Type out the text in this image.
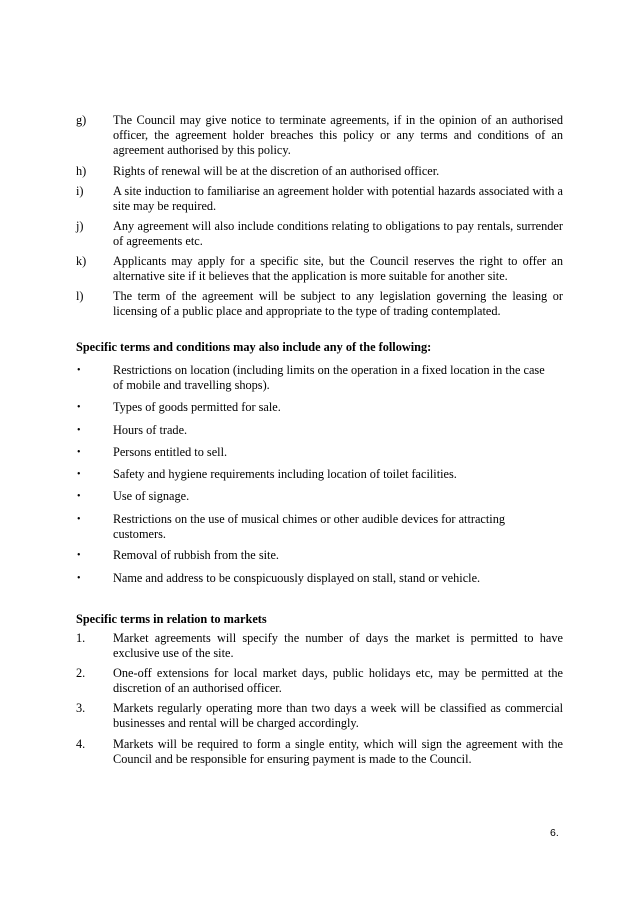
g) The Council may give notice to terminate agreements, if in the opinion of an authorised officer, the agreement holder breaches this policy or any terms and conditions of an agreement authorised by this policy.
h) Rights of renewal will be at the discretion of an authorised officer.
i) A site induction to familiarise an agreement holder with potential hazards associated with a site may be required.
j) Any agreement will also include conditions relating to obligations to pay rentals, surrender of agreements etc.
k) Applicants may apply for a specific site, but the Council reserves the right to offer an alternative site if it believes that the application is more suitable for another site.
l) The term of the agreement will be subject to any legislation governing the leasing or licensing of a public place and appropriate to the type of trading contemplated.
Specific terms and conditions may also include any of the following:
•	Restrictions on location (including limits on the operation in a fixed location in the case of mobile and travelling shops).
•	Types of goods permitted for sale.
•	Hours of trade.
•	Persons entitled to sell.
•	Safety and hygiene requirements including location of toilet facilities.
•	Use of signage.
•	Restrictions on the use of musical chimes or other audible devices for attracting customers.
•	Removal of rubbish from the site.
•	Name and address to be conspicuously displayed on stall, stand or vehicle.
Specific terms in relation to markets
1. Market agreements will specify the number of days the market is permitted to have exclusive use of the site.
2. One-off extensions for local market days, public holidays etc, may be permitted at the discretion of an authorised officer.
3. Markets regularly operating more than two days a week will be classified as commercial businesses and rental will be charged accordingly.
4. Markets will be required to form a single entity, which will sign the agreement with the Council and be responsible for ensuring payment is made to the Council.
6.
